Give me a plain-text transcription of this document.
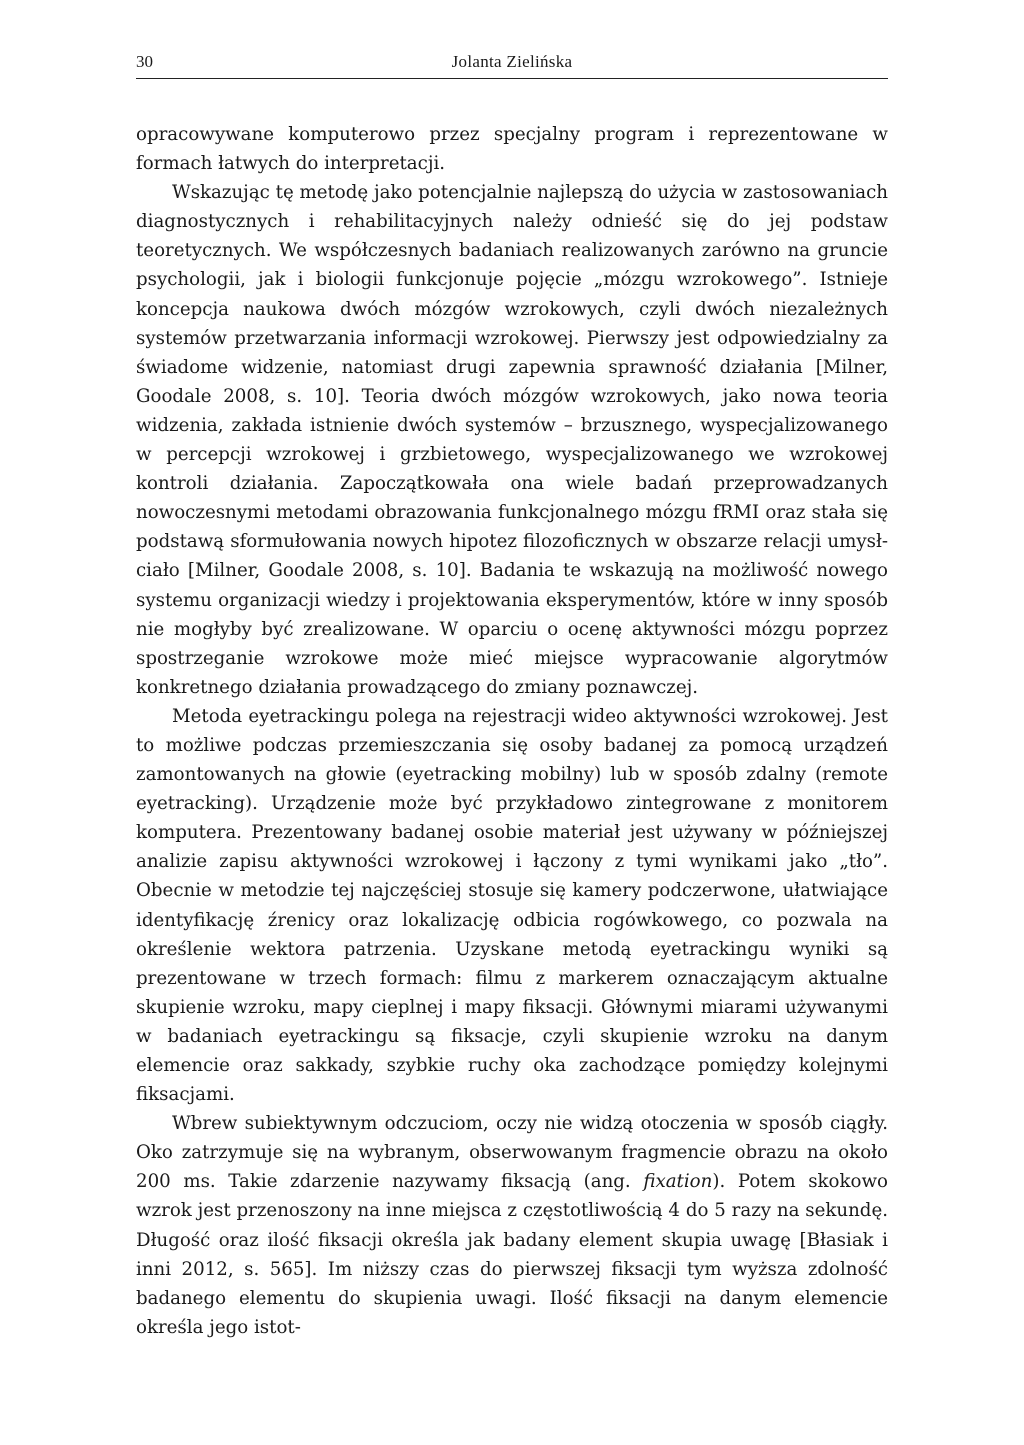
30	Jolanta Zielińska

opracowywane komputerowo przez specjalny program i reprezentowane w formach łatwych do interpretacji.

Wskazując tę metodę jako potencjalnie najlepszą do użycia w zastosowaniach diagnostycznych i rehabilitacyjnych należy odnieść się do jej podstaw teoretycznych. We współczesnych badaniach realizowanych zarówno na gruncie psychologii, jak i biologii funkcjonuje pojęcie „mózgu wzrokowego”. Istnieje koncepcja naukowa dwóch mózgów wzrokowych, czyli dwóch niezależnych systemów przetwarzania informacji wzrokowej. Pierwszy jest odpowiedzialny za świadome widzenie, natomiast drugi zapewnia sprawność działania [Milner, Goodale 2008, s. 10]. Teoria dwóch mózgów wzrokowych, jako nowa teoria widzenia, zakłada istnienie dwóch systemów – brzusznego, wyspecjalizowanego w percepcji wzrokowej i grzbietowego, wyspecjalizowanego we wzrokowej kontroli działania. Zapoczątkowała ona wiele badań przeprowadzanych nowoczesnymi metodami obrazowania funkcjonalnego mózgu fRMI oraz stała się podstawą sformułowania nowych hipotez filozoficznych w obszarze relacji umysł-ciało [Milner, Goodale 2008, s. 10]. Badania te wskazują na możliwość nowego systemu organizacji wiedzy i projektowania eksperymentów, które w inny sposób nie mogłyby być zrealizowane. W oparciu o ocenę aktywności mózgu poprzez spostrzeganie wzrokowe może mieć miejsce wypracowanie algorytmów konkretnego działania prowadzącego do zmiany poznawczej.

Metoda eyetrackingu polega na rejestracji wideo aktywności wzrokowej. Jest to możliwe podczas przemieszczania się osoby badanej za pomocą urządzeń zamontowanych na głowie (eyetracking mobilny) lub w sposób zdalny (remote eyetracking). Urządzenie może być przykładowo zintegrowane z monitorem komputera. Prezentowany badanej osobie materiał jest używany w późniejszej analizie zapisu aktywności wzrokowej i łączony z tymi wynikami jako „tło”. Obecnie w metodzie tej najczęściej stosuje się kamery podczerwone, ułatwiające identyfikację źrenicy oraz lokalizację odbicia rogówkowego, co pozwala na określenie wektora patrzenia. Uzyskane metodą eyetrackingu wyniki są prezentowane w trzech formach: filmu z markerem oznaczającym aktualne skupienie wzroku, mapy cieplnej i mapy fiksacji. Głównymi miarami używanymi w badaniach eyetrackingu są fiksacje, czyli skupienie wzroku na danym elemencie oraz sakkady, szybkie ruchy oka zachodzące pomiędzy kolejnymi fiksacjami.

Wbrew subiektywnym odczuciom, oczy nie widzą otoczenia w sposób ciągły. Oko zatrzymuje się na wybranym, obserwowanym fragmencie obrazu na około 200 ms. Takie zdarzenie nazywamy fiksacją (ang. fixation). Potem skokowo wzrok jest przenoszony na inne miejsca z częstotliwością 4 do 5 razy na sekundę. Długość oraz ilość fiksacji określa jak badany element skupia uwagę [Błasiak i inni 2012, s. 565]. Im niższy czas do pierwszej fiksacji tym wyższa zdolność badanego elementu do skupienia uwagi. Ilość fiksacji na danym elemencie określa jego istot-
